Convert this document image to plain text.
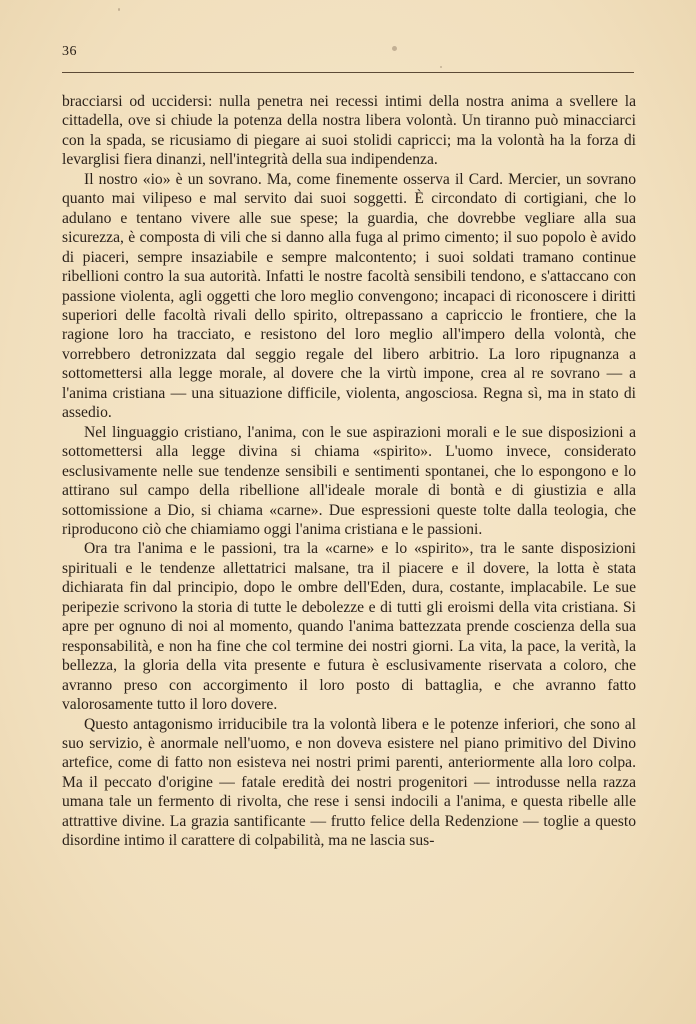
36

bracciarsi od uccidersi: nulla penetra nei recessi intimi della nostra anima a svellere la cittadella, ove si chiude la potenza della nostra libera volontà. Un tiranno può minacciarci con la spada, se ricusiamo di piegare ai suoi stolidi capricci; ma la volontà ha la forza di levarglisi fiera dinanzi, nell'integrità della sua indipendenza.

Il nostro «io» è un sovrano. Ma, come finemente osserva il Card. Mercier, un sovrano quanto mai vilipeso e mal servito dai suoi soggetti. È circondato di cortigiani, che lo adulano e tentano vivere alle sue spese; la guardia, che dovrebbe vegliare alla sua sicurezza, è composta di vili che si danno alla fuga al primo cimento; il suo popolo è avido di piaceri, sempre insaziabile e sempre malcontento; i suoi soldati tramano continue ribellioni contro la sua autorità. Infatti le nostre facoltà sensibili tendono, e s'attaccano con passione violenta, agli oggetti che loro meglio convengono; incapaci di riconoscere i diritti superiori delle facoltà rivali dello spirito, oltrepassano a capriccio le frontiere, che la ragione loro ha tracciato, e resistono del loro meglio all'impero della volontà, che vorrebbero detronizzata dal seggio regale del libero arbitrio. La loro ripugnanza a sottomettersi alla legge morale, al dovere che la virtù impone, crea al re sovrano — a l'anima cristiana — una situazione difficile, violenta, angosciosa. Regna sì, ma in stato di assedio.

Nel linguaggio cristiano, l'anima, con le sue aspirazioni morali e le sue disposizioni a sottomettersi alla legge divina si chiama «spirito». L'uomo invece, considerato esclusivamente nelle sue tendenze sensibili e sentimenti spontanei, che lo espongono e lo attirano sul campo della ribellione all'ideale morale di bontà e di giustizia e alla sottomissione a Dio, si chiama «carne». Due espressioni queste tolte dalla teologia, che riproducono ciò che chiamiamo oggi l'anima cristiana e le passioni.

Ora tra l'anima e le passioni, tra la «carne» e lo «spirito», tra le sante disposizioni spirituali e le tendenze allettatrici malsane, tra il piacere e il dovere, la lotta è stata dichiarata fin dal principio, dopo le ombre dell'Eden, dura, costante, implacabile. Le sue peripezie scrivono la storia di tutte le debolezze e di tutti gli eroismi della vita cristiana. Si apre per ognuno di noi al momento, quando l'anima battezzata prende coscienza della sua responsabilità, e non ha fine che col termine dei nostri giorni. La vita, la pace, la verità, la bellezza, la gloria della vita presente e futura è esclusivamente riservata a coloro, che avranno preso con accorgimento il loro posto di battaglia, e che avranno fatto valorosamente tutto il loro dovere.

Questo antagonismo irriducibile tra la volontà libera e le potenze inferiori, che sono al suo servizio, è anormale nell'uomo, e non doveva esistere nel piano primitivo del Divino artefice, come di fatto non esisteva nei nostri primi parenti, anteriormente alla loro colpa. Ma il peccato d'origine — fatale eredità dei nostri progenitori — introdusse nella razza umana tale un fermento di rivolta, che rese i sensi indocili a l'anima, e questa ribelle alle attrattive divine. La grazia santificante — frutto felice della Redenzione — toglie a questo disordine intimo il carattere di colpabilità, ma ne lascia sus-
